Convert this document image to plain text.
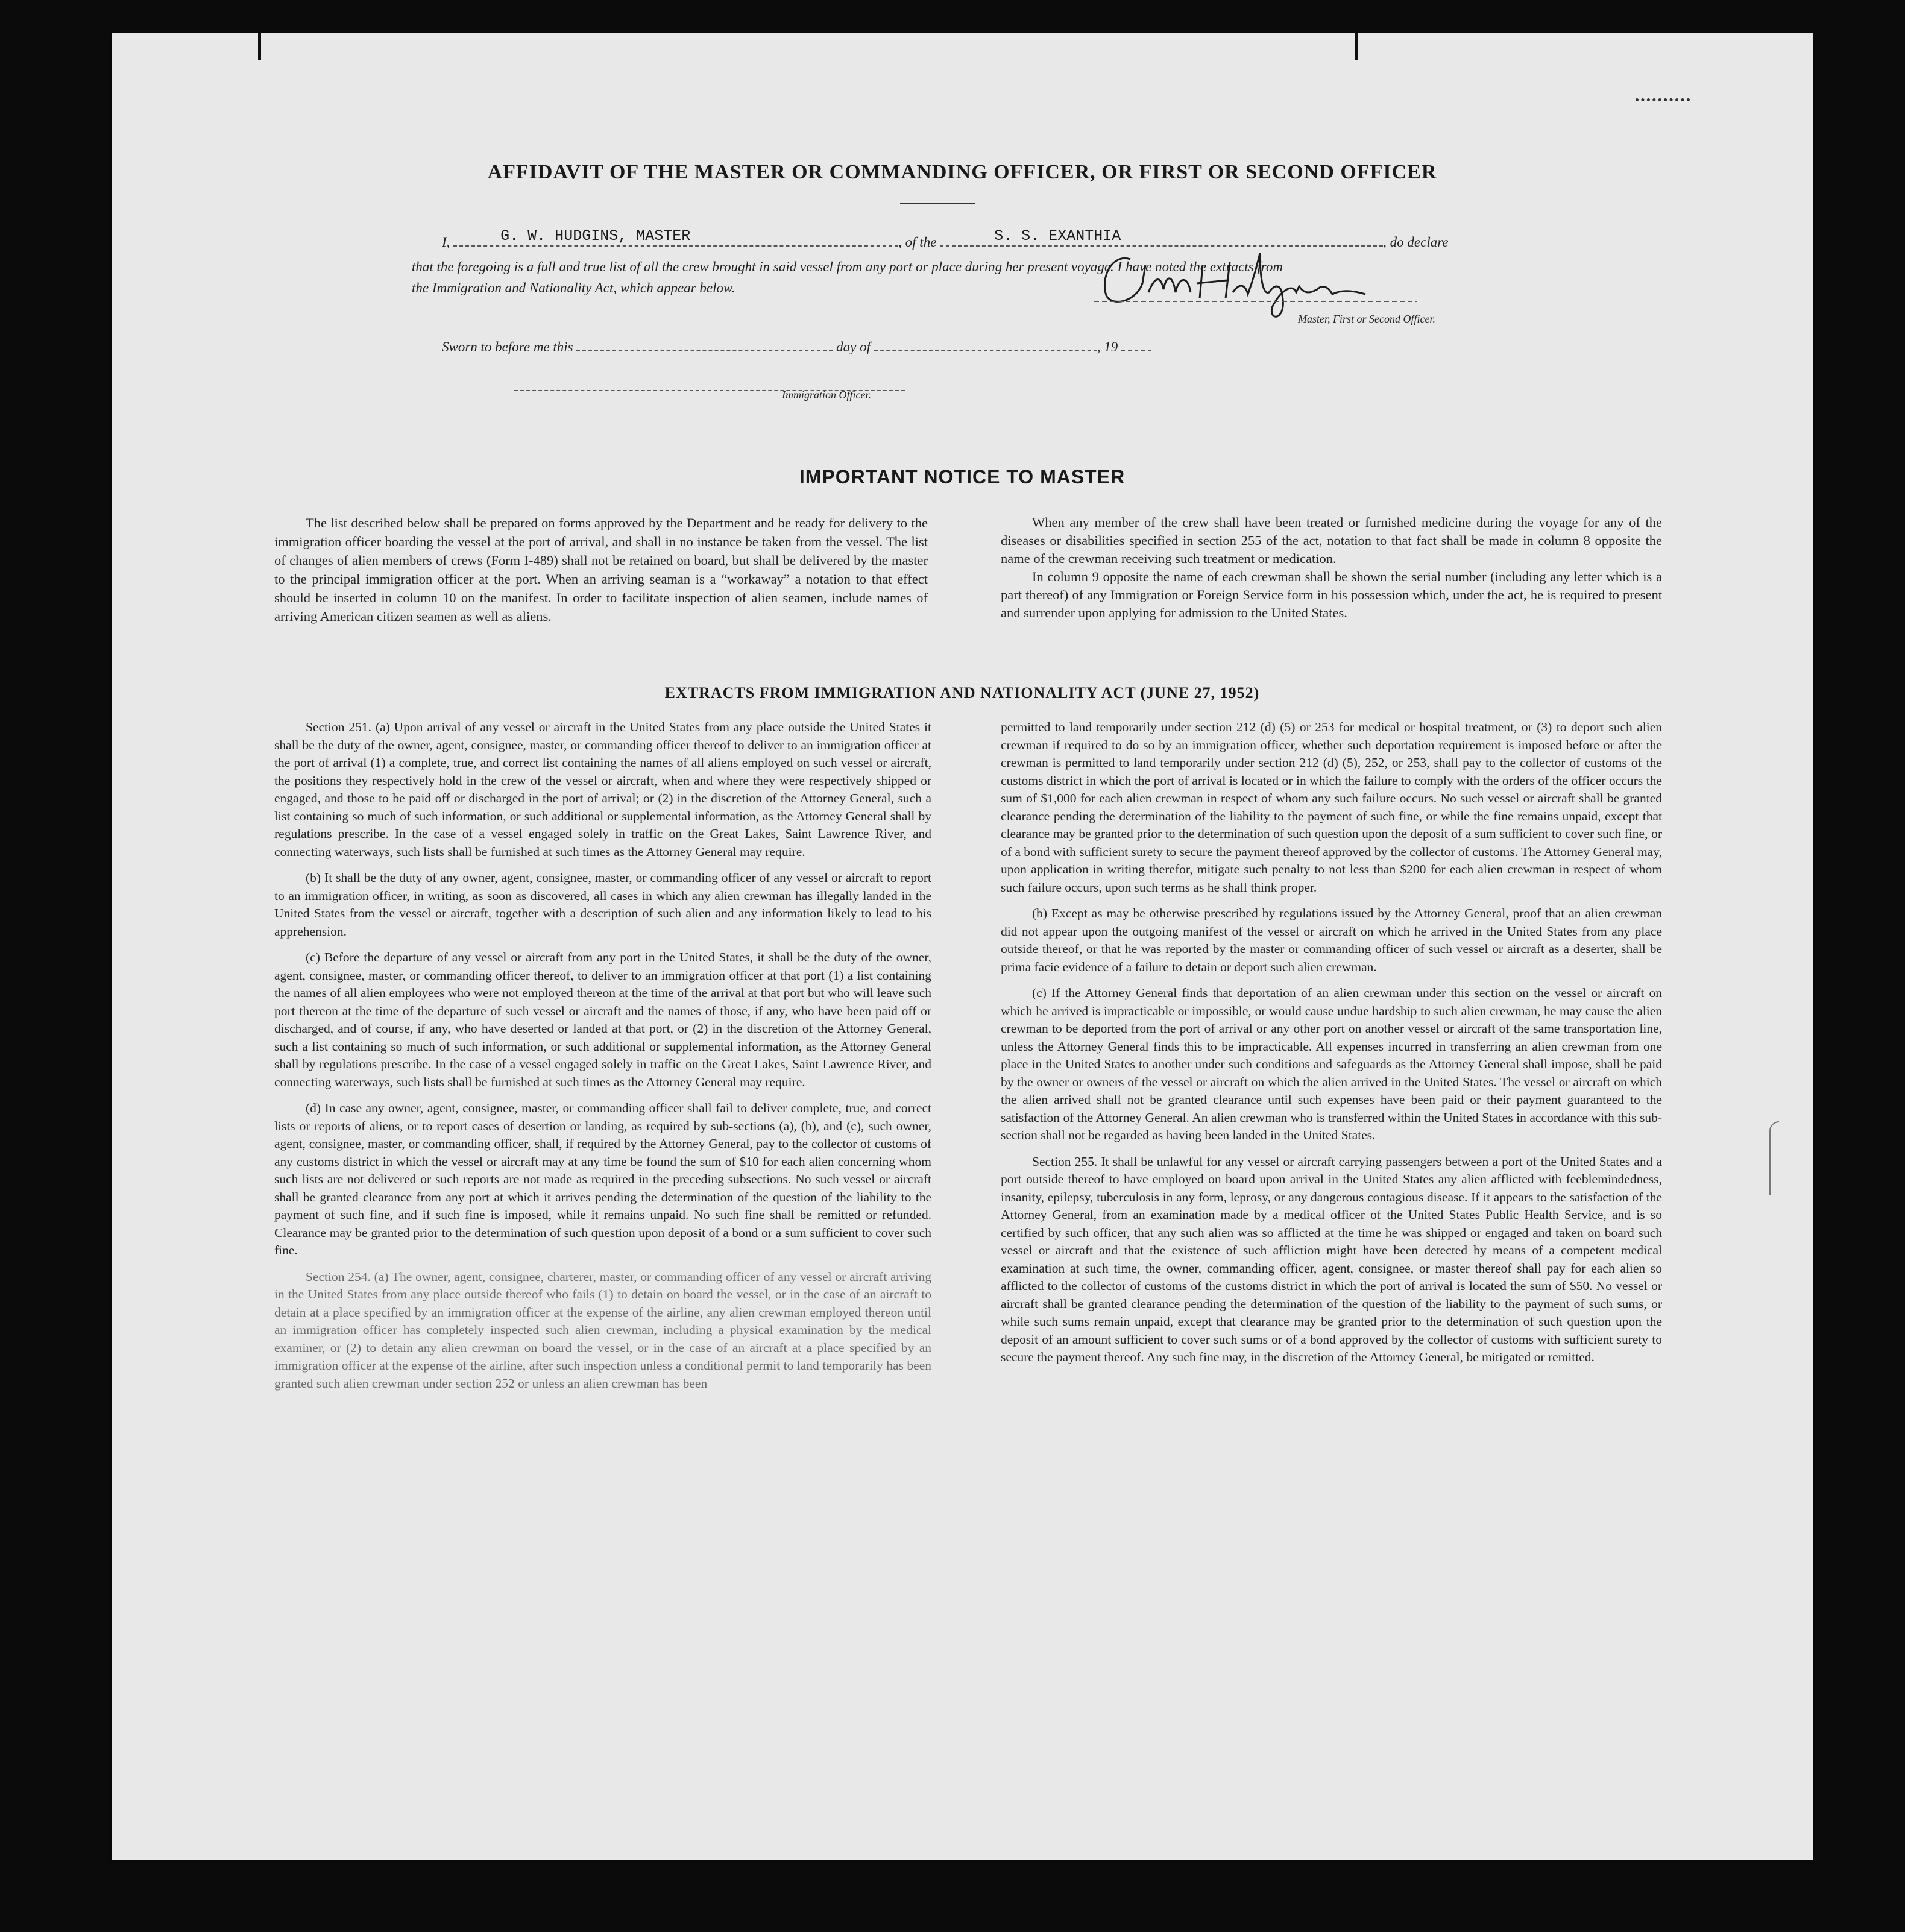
AFFIDAVIT OF THE MASTER OR COMMANDING OFFICER, OR FIRST OR SECOND OFFICER
I,	G. W. HUDGINS, MASTER	, of the	S. S. EXANTHIA	, do declare
that the foregoing is a full and true list of all the crew brought in said vessel from any port or place during her present voyage. I have noted the extracts from
the Immigration and Nationality Act, which appear below.
Master, First or Second Officer.
Sworn to before me this	day of	, 19
Immigration Officer.
IMPORTANT NOTICE TO MASTER

The list described below shall be prepared on forms approved by the Department and be ready for delivery to the immigration officer boarding the vessel at the port of arrival, and shall in no instance be taken from the vessel. The list of changes of alien members of crews (Form I-489) shall not be retained on board, but shall be delivered by the master to the principal immigration officer at the port. When an arriving seaman is a “workaway” a notation to that effect should be inserted in column 10 on the manifest. In order to facilitate inspection of alien seamen, include names of arriving American citizen seamen as well as aliens.

When any member of the crew shall have been treated or furnished medicine during the voyage for any of the diseases or disabilities specified in section 255 of the act, notation to that fact shall be made in column 8 opposite the name of the crewman receiving such treatment or medication.

In column 9 opposite the name of each crewman shall be shown the serial number (including any letter which is a part thereof) of any Immigration or Foreign Service form in his possession which, under the act, he is required to present and surrender upon applying for admission to the United States.

EXTRACTS FROM IMMIGRATION AND NATIONALITY ACT (JUNE 27, 1952)

Section 251. (a) Upon arrival of any vessel or aircraft in the United States from any place outside the United States it shall be the duty of the owner, agent, consignee, master, or commanding officer thereof to deliver to an immigration officer at the port of arrival (1) a complete, true, and correct list containing the names of all aliens employed on such vessel or aircraft, the positions they respectively hold in the crew of the vessel or aircraft, when and where they were respectively shipped or engaged, and those to be paid off or discharged in the port of arrival; or (2) in the discretion of the Attorney General, such a list containing so much of such information, or such additional or supplemental information, as the Attorney General shall by regulations prescribe. In the case of a vessel engaged solely in traffic on the Great Lakes, Saint Lawrence River, and connecting waterways, such lists shall be furnished at such times as the Attorney General may require.

(b) It shall be the duty of any owner, agent, consignee, master, or commanding officer of any vessel or aircraft to report to an immigration officer, in writing, as soon as discovered, all cases in which any alien crewman has illegally landed in the United States from the vessel or aircraft, together with a description of such alien and any information likely to lead to his apprehension.

(c) Before the departure of any vessel or aircraft from any port in the United States, it shall be the duty of the owner, agent, consignee, master, or commanding officer thereof, to deliver to an immigration officer at that port (1) a list containing the names of all alien employees who were not employed thereon at the time of the arrival at that port but who will leave such port thereon at the time of the departure of such vessel or aircraft and the names of those, if any, who have been paid off or discharged, and of course, if any, who have deserted or landed at that port, or (2) in the discretion of the Attorney General, such a list containing so much of such information, or such additional or supplemental information, as the Attorney General shall by regulations prescribe. In the case of a vessel engaged solely in traffic on the Great Lakes, Saint Lawrence River, and connecting waterways, such lists shall be furnished at such times as the Attorney General may require.

(d) In case any owner, agent, consignee, master, or commanding officer shall fail to deliver complete, true, and correct lists or reports of aliens, or to report cases of desertion or landing, as required by sub-sections (a), (b), and (c), such owner, agent, consignee, master, or commanding officer, shall, if required by the Attorney General, pay to the collector of customs of any customs district in which the vessel or aircraft may at any time be found the sum of $10 for each alien concerning whom such lists are not delivered or such reports are not made as required in the preceding subsections. No such vessel or aircraft shall be granted clearance from any port at which it arrives pending the determination of the question of the liability to the payment of such fine, and if such fine is imposed, while it remains unpaid. No such fine shall be remitted or refunded. Clearance may be granted prior to the determination of such question upon deposit of a bond or a sum sufficient to cover such fine.

Section 254. (a) The owner, agent, consignee, charterer, master, or commanding officer of any vessel or aircraft arriving in the United States from any place outside thereof who fails (1) to detain on board the vessel, or in the case of an aircraft to detain at a place specified by an immigration officer at the expense of the airline, any alien crewman employed thereon until an immigration officer has completely inspected such alien crewman, including a physical examination by the medical examiner, or (2) to detain any alien crewman on board the vessel, or in the case of an aircraft at a place specified by an immigration officer at the expense of the airline, after such inspection unless a conditional permit to land temporarily has been granted such alien crewman under section 252 or unless an alien crewman has been

permitted to land temporarily under section 212 (d) (5) or 253 for medical or hospital treatment, or (3) to deport such alien crewman if required to do so by an immigration officer, whether such deportation requirement is imposed before or after the crewman is permitted to land temporarily under section 212 (d) (5), 252, or 253, shall pay to the collector of customs of the customs district in which the port of arrival is located or in which the failure to comply with the orders of the officer occurs the sum of $1,000 for each alien crewman in respect of whom any such failure occurs. No such vessel or aircraft shall be granted clearance pending the determination of the liability to the payment of such fine, or while the fine remains unpaid, except that clearance may be granted prior to the determination of such question upon the deposit of a sum sufficient to cover such fine, or of a bond with sufficient surety to secure the payment thereof approved by the collector of customs. The Attorney General may, upon application in writing therefor, mitigate such penalty to not less than $200 for each alien crewman in respect of whom such failure occurs, upon such terms as he shall think proper.

(b) Except as may be otherwise prescribed by regulations issued by the Attorney General, proof that an alien crewman did not appear upon the outgoing manifest of the vessel or aircraft on which he arrived in the United States from any place outside thereof, or that he was reported by the master or commanding officer of such vessel or aircraft as a deserter, shall be prima facie evidence of a failure to detain or deport such alien crewman.

(c) If the Attorney General finds that deportation of an alien crewman under this section on the vessel or aircraft on which he arrived is impracticable or impossible, or would cause undue hardship to such alien crewman, he may cause the alien crewman to be deported from the port of arrival or any other port on another vessel or aircraft of the same transportation line, unless the Attorney General finds this to be impracticable. All expenses incurred in transferring an alien crewman from one place in the United States to another under such conditions and safeguards as the Attorney General shall impose, shall be paid by the owner or owners of the vessel or aircraft on which the alien arrived in the United States. The vessel or aircraft on which the alien arrived shall not be granted clearance until such expenses have been paid or their payment guaranteed to the satisfaction of the Attorney General. An alien crewman who is transferred within the United States in accordance with this sub-section shall not be regarded as having been landed in the United States.

Section 255. It shall be unlawful for any vessel or aircraft carrying passengers between a port of the United States and a port outside thereof to have employed on board upon arrival in the United States any alien afflicted with feeblemindedness, insanity, epilepsy, tuberculosis in any form, leprosy, or any dangerous contagious disease. If it appears to the satisfaction of the Attorney General, from an examination made by a medical officer of the United States Public Health Service, and is so certified by such officer, that any such alien was so afflicted at the time he was shipped or engaged and taken on board such vessel or aircraft and that the existence of such affliction might have been detected by means of a competent medical examination at such time, the owner, commanding officer, agent, consignee, or master thereof shall pay for each alien so afflicted to the collector of customs of the customs district in which the port of arrival is located the sum of $50. No vessel or aircraft shall be granted clearance pending the determination of the question of the liability to the payment of such sums, or while such sums remain unpaid, except that clearance may be granted prior to the determination of such question upon the deposit of an amount sufficient to cover such sums or of a bond approved by the collector of customs with sufficient surety to secure the payment thereof. Any such fine may, in the discretion of the Attorney General, be mitigated or remitted.
